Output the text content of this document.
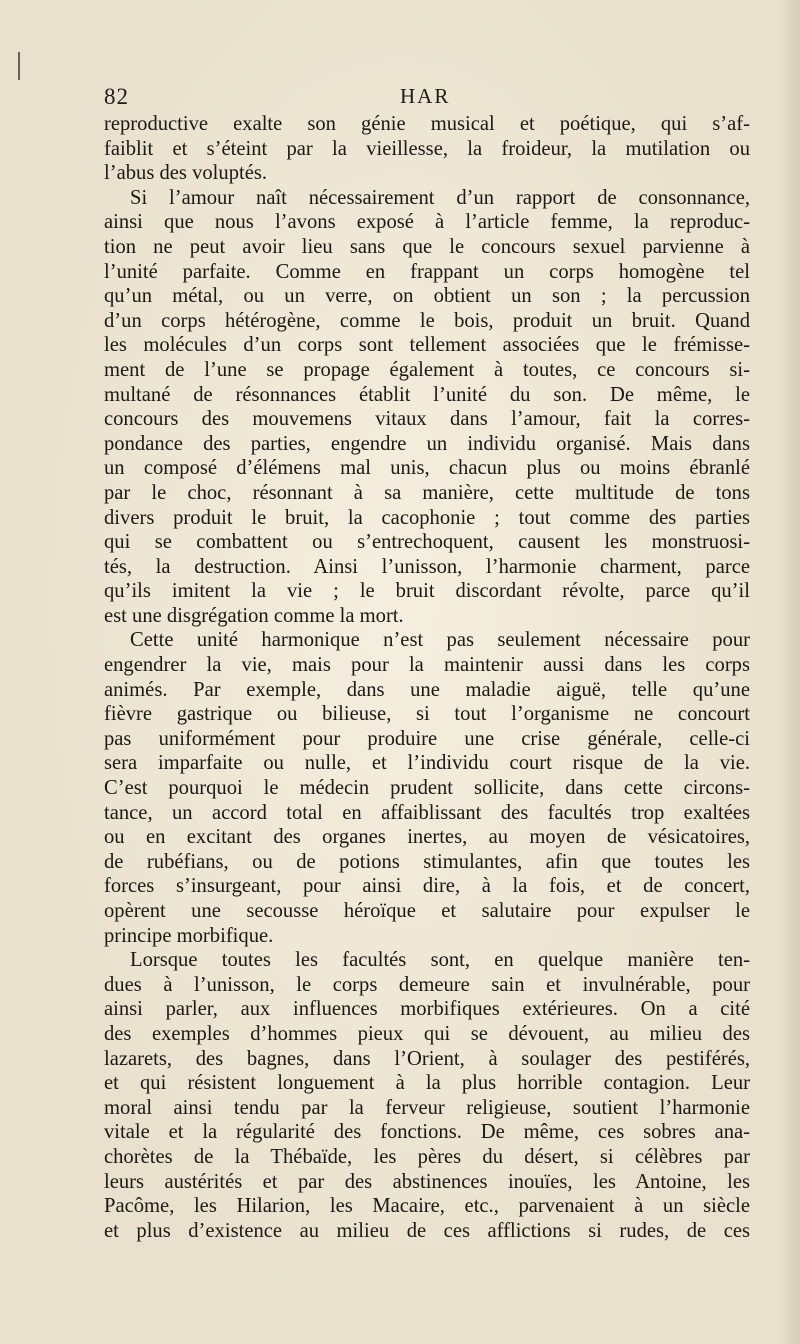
82	HAR

reproductive exalte son génie musical et poétique, qui s’af-
faiblit et s’éteint par la vieillesse, la froideur, la mutilation ou
l’abus des voluptés.

Si l’amour naît nécessairement d’un rapport de consonnance,
ainsi que nous l’avons exposé à l’article femme, la reproduc-
tion ne peut avoir lieu sans que le concours sexuel parvienne à
l’unité parfaite. Comme en frappant un corps homogène tel
qu’un métal, ou un verre, on obtient un son ; la percussion
d’un corps hétérogène, comme le bois, produit un bruit. Quand
les molécules d’un corps sont tellement associées que le frémisse-
ment de l’une se propage également à toutes, ce concours si-
multané de résonnances établit l’unité du son. De même, le
concours des mouvemens vitaux dans l’amour, fait la corres-
pondance des parties, engendre un individu organisé. Mais dans
un composé d’élémens mal unis, chacun plus ou moins ébranlé
par le choc, résonnant à sa manière, cette multitude de tons
divers produit le bruit, la cacophonie ; tout comme des parties
qui se combattent ou s’entrechoquent, causent les monstruosi-
tés, la destruction. Ainsi l’unisson, l’harmonie charment, parce
qu’ils imitent la vie ; le bruit discordant révolte, parce qu’il
est une disgrégation comme la mort.

Cette unité harmonique n’est pas seulement nécessaire pour
engendrer la vie, mais pour la maintenir aussi dans les corps
animés. Par exemple, dans une maladie aiguë, telle qu’une
fièvre gastrique ou bilieuse, si tout l’organisme ne concourt
pas uniformément pour produire une crise générale, celle-ci
sera imparfaite ou nulle, et l’individu court risque de la vie.
C’est pourquoi le médecin prudent sollicite, dans cette circons-
tance, un accord total en affaiblissant des facultés trop exaltées
ou en excitant des organes inertes, au moyen de vésicatoires,
de rubéfians, ou de potions stimulantes, afin que toutes les
forces s’insurgeant, pour ainsi dire, à la fois, et de concert,
opèrent une secousse héroïque et salutaire pour expulser le
principe morbifique.

Lorsque toutes les facultés sont, en quelque manière ten-
dues à l’unisson, le corps demeure sain et invulnérable, pour
ainsi parler, aux influences morbifiques extérieures. On a cité
des exemples d’hommes pieux qui se dévouent, au milieu des
lazarets, des bagnes, dans l’Orient, à soulager des pestiférés,
et qui résistent longuement à la plus horrible contagion. Leur
moral ainsi tendu par la ferveur religieuse, soutient l’harmonie
vitale et la régularité des fonctions. De même, ces sobres ana-
chorètes de la Thébaïde, les pères du désert, si célèbres par
leurs austérités et par des abstinences inouïes, les Antoine, les
Pacôme, les Hilarion, les Macaire, etc., parvenaient à un siècle
et plus d’existence au milieu de ces afflictions si rudes, de ces
